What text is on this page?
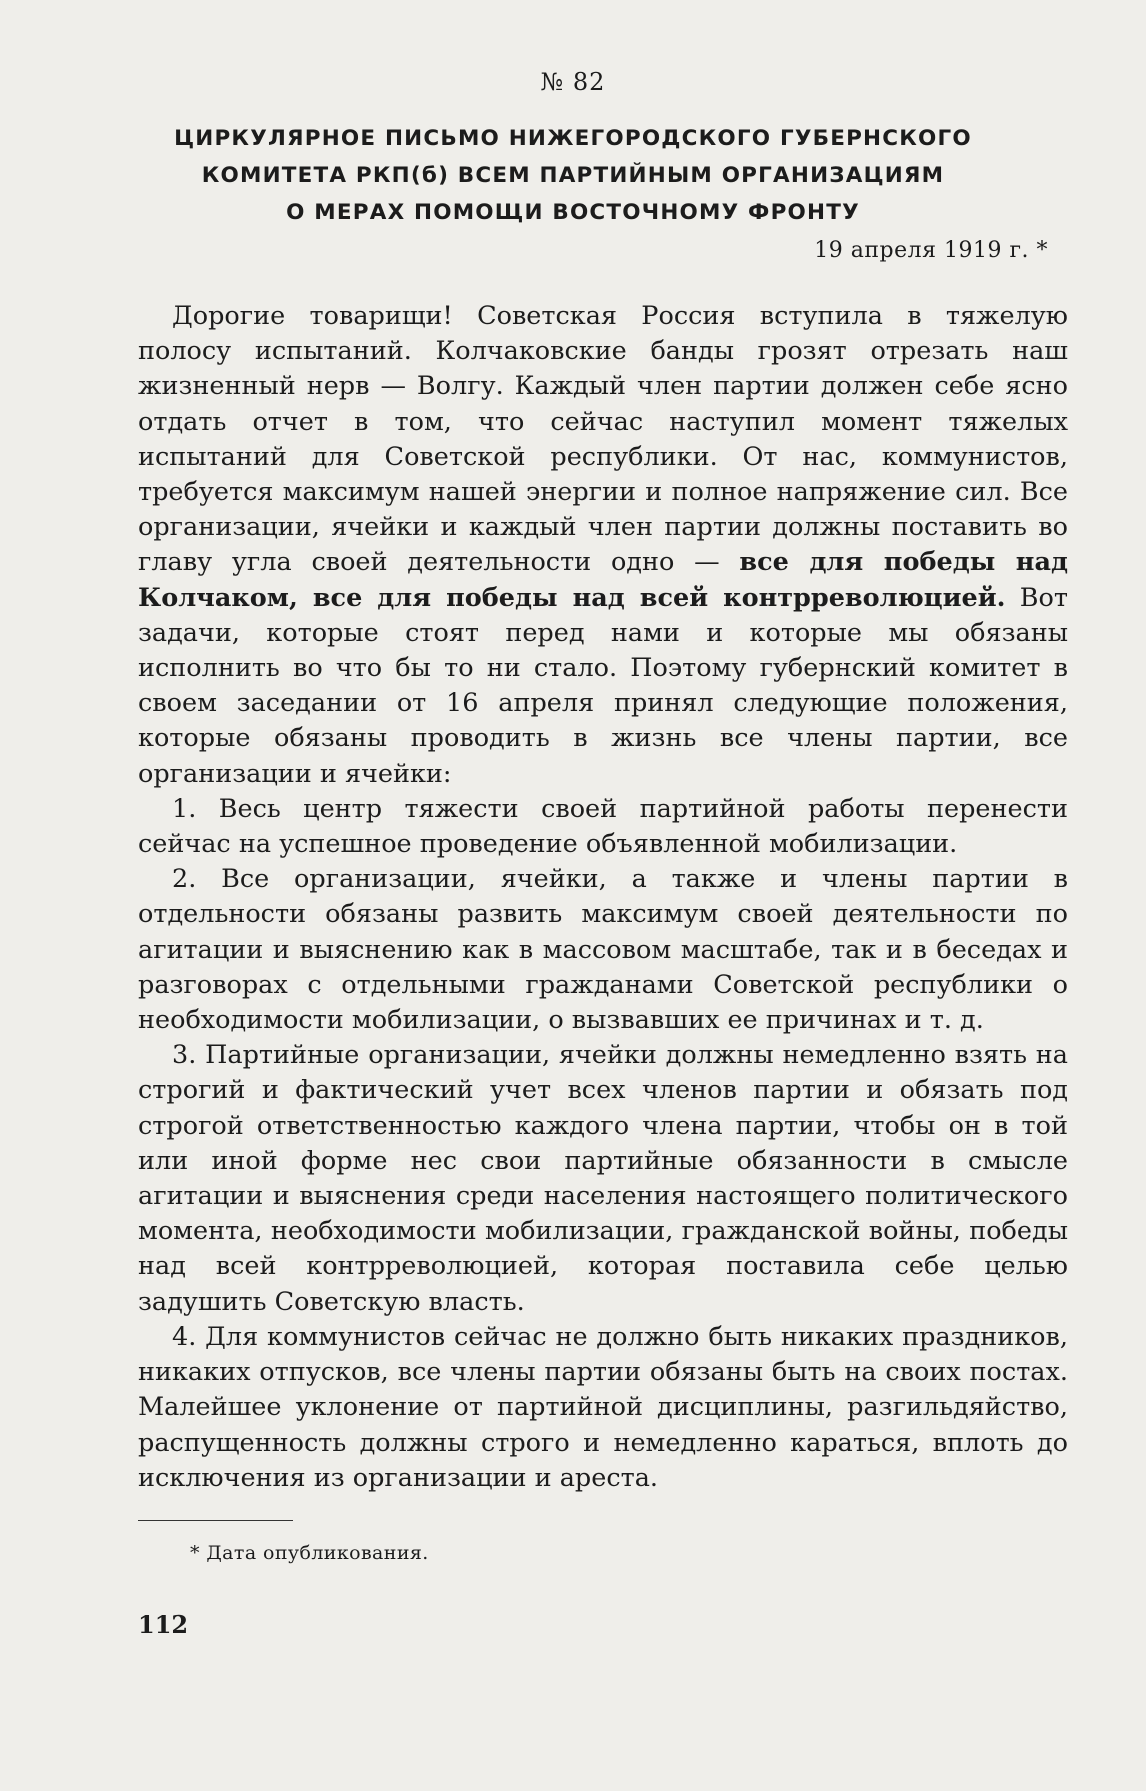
№ 82
ЦИРКУЛЯРНОЕ ПИСЬМО НИЖЕГОРОДСКОГО ГУБЕРНСКОГО
КОМИТЕТА РКП(б) ВСЕМ ПАРТИЙНЫМ ОРГАНИЗАЦИЯМ
О МЕРАХ ПОМОЩИ ВОСТОЧНОМУ ФРОНТУ
19 апреля 1919 г. *

Дорогие товарищи! Советская Россия вступила в тяжелую полосу испытаний. Колчаковские банды грозят отрезать наш жизненный нерв — Волгу. Каждый член партии должен себе ясно отдать отчет в том, что сейчас наступил момент тяжелых испытаний для Советской республики. От нас, коммунистов, требуется максимум нашей энергии и полное напряжение сил. Все организации, ячейки и каждый член партии должны поставить во главу угла своей деятельности одно — все для победы над Колчаком, все для победы над всей контрреволюцией. Вот задачи, которые стоят перед нами и которые мы обязаны исполнить во что бы то ни стало. Поэтому губернский комитет в своем заседании от 16 апреля принял следующие положения, которые обязаны проводить в жизнь все члены партии, все организации и ячейки:

1. Весь центр тяжести своей партийной работы перенести сейчас на успешное проведение объявленной мобилизации.

2. Все организации, ячейки, а также и члены партии в отдельности обязаны развить максимум своей деятельности по агитации и выяснению как в массовом масштабе, так и в беседах и разговорах с отдельными гражданами Советской республики о необходимости мобилизации, о вызвавших ее причинах и т. д.

3. Партийные организации, ячейки должны немедленно взять на строгий и фактический учет всех членов партии и обязать под строгой ответственностью каждого члена партии, чтобы он в той или иной форме нес свои партийные обязанности в смысле агитации и выяснения среди населения настоящего политического момента, необходимости мобилизации, гражданской войны, победы над всей контрреволюцией, которая поставила себе целью задушить Советскую власть.

4. Для коммунистов сейчас не должно быть никаких праздников, никаких отпусков, все члены партии обязаны быть на своих постах. Малейшее уклонение от партийной дисциплины, разгильдяйство, распущенность должны строго и немедленно караться, вплоть до исключения из организации и ареста.

* Дата опубликования.
112
